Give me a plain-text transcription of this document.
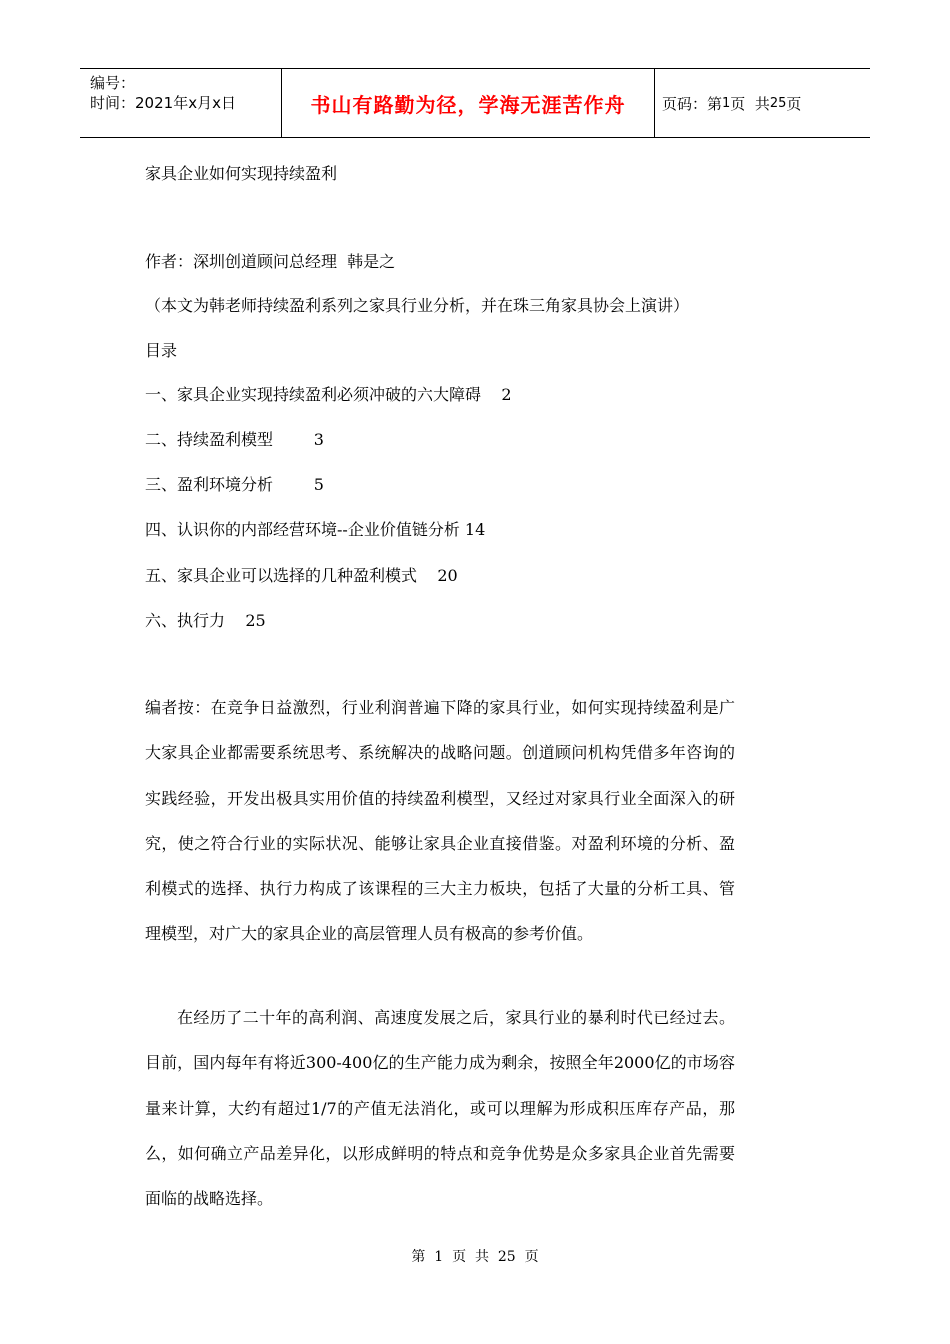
编号：
时间：2021年x月x日	书山有路勤为径，学海无涯苦作舟	页码：第 1 页  共 25 页
家具企业如何实现持续盈利
作者：深圳创道顾问总经理  韩是之
（本文为韩老师持续盈利系列之家具行业分析，并在珠三角家具协会上演讲）
目录
一、家具企业实现持续盈利必须冲破的六大障碍    2
二、持续盈利模型        3
三、盈利环境分析        5
四、认识你的内部经营环境--企业价值链分析 14
五、家具企业可以选择的几种盈利模式    20
六、执行力    25
编者按：在竞争日益激烈，行业利润普遍下降的家具行业，如何实现持续盈利是广大家具企业都需要系统思考、系统解决的战略问题。创道顾问机构凭借多年咨询的实践经验，开发出极具实用价值的持续盈利模型，又经过对家具行业全面深入的研究，使之符合行业的实际状况、能够让家具企业直接借鉴。对盈利环境的分析、盈利模式的选择、执行力构成了该课程的三大主力板块，包括了大量的分析工具、管理模型，对广大的家具企业的高层管理人员有极高的参考价值。
在经历了二十年的高利润、高速度发展之后，家具行业的暴利时代已经过去。目前，国内每年有将近300-400亿的生产能力成为剩余，按照全年2000亿的市场容量来计算，大约有超过1/7的产值无法消化，或可以理解为形成积压库存产品，那么，如何确立产品差异化，以形成鲜明的特点和竞争优势是众多家具企业首先需要面临的战略选择。
第  1  页  共  25  页
